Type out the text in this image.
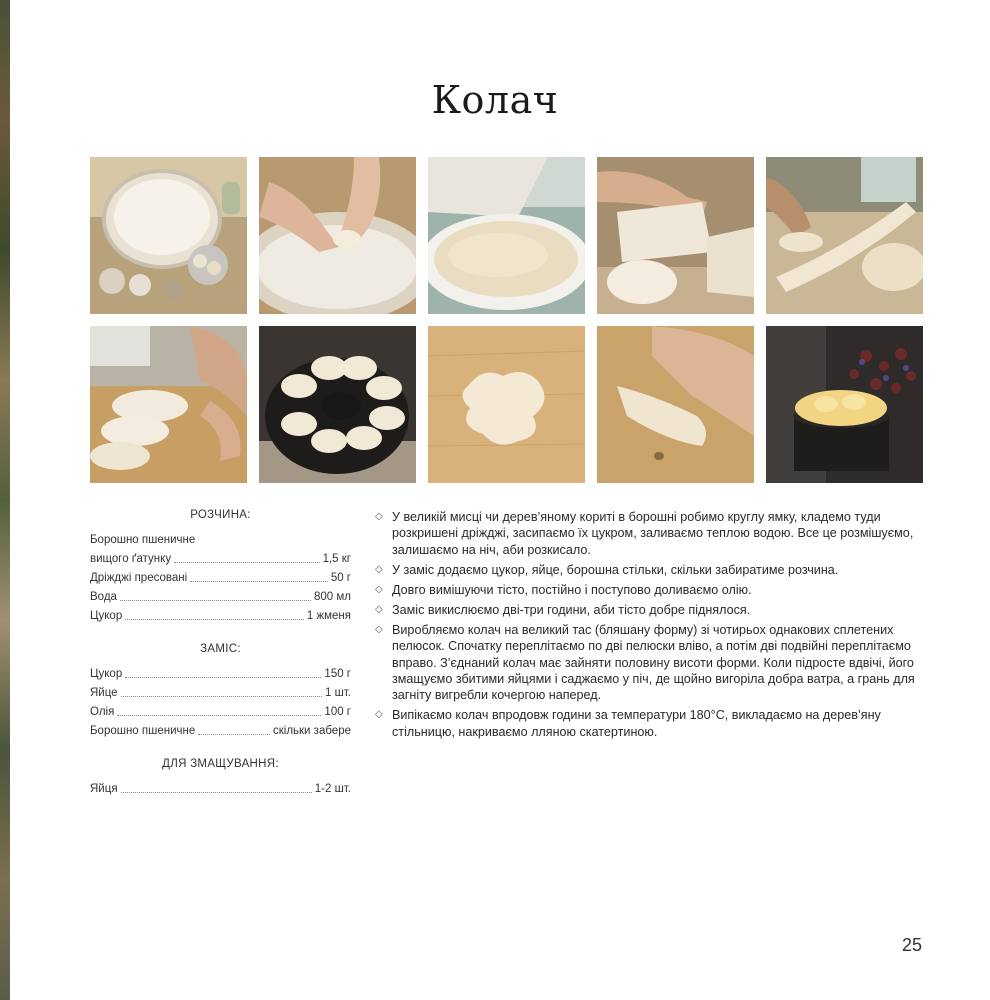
Колач
РОЗЧИНА:
Борошно пшеничне
вищого ґатунку	1,5 кг
Дріжджі пресовані	50 г
Вода	800 мл
Цукор	1 жменя
ЗАМІС:
Цукор	150 г
Яйце	1 шт.
Олія	100 г
Борошно пшеничне	скільки забере
ДЛЯ ЗМАЩУВАННЯ:
Яйця	1-2 шт.
◇ У великій мисці чи дерев’яному кориті в борошні робимо круглу ямку, кладемо туди розкришені дріжджі, засипаємо їх цукром, заливаємо теплою водою. Все це розмішуємо, залишаємо на ніч, аби розкисало.
◇ У заміс додаємо цукор, яйце, борошна стільки, скільки забиратиме розчина.
◇ Довго вимішуючи тісто, постійно і поступово доливаємо олію.
◇ Заміс викислюємо дві-три години, аби тісто добре піднялося.
◇ Виробляємо колач на великий тас (бляшану форму) зі чотирьох однакових сплетених пелюсок. Спочатку переплітаємо по дві пелюски вліво, а потім дві подвійні переплітаємо вправо. З’єднаний колач має зайняти половину висоти форми. Коли підросте вдвічі, його змащуємо збитими яйцями і саджаємо у піч, де щойно вигоріла добра ватра, а грань для загніту вигребли кочергою наперед.
◇ Випікаємо колач впродовж години за температури 180°С, викладаємо на дерев’яну стільницю, накриваємо лляною скатертиною.
25
